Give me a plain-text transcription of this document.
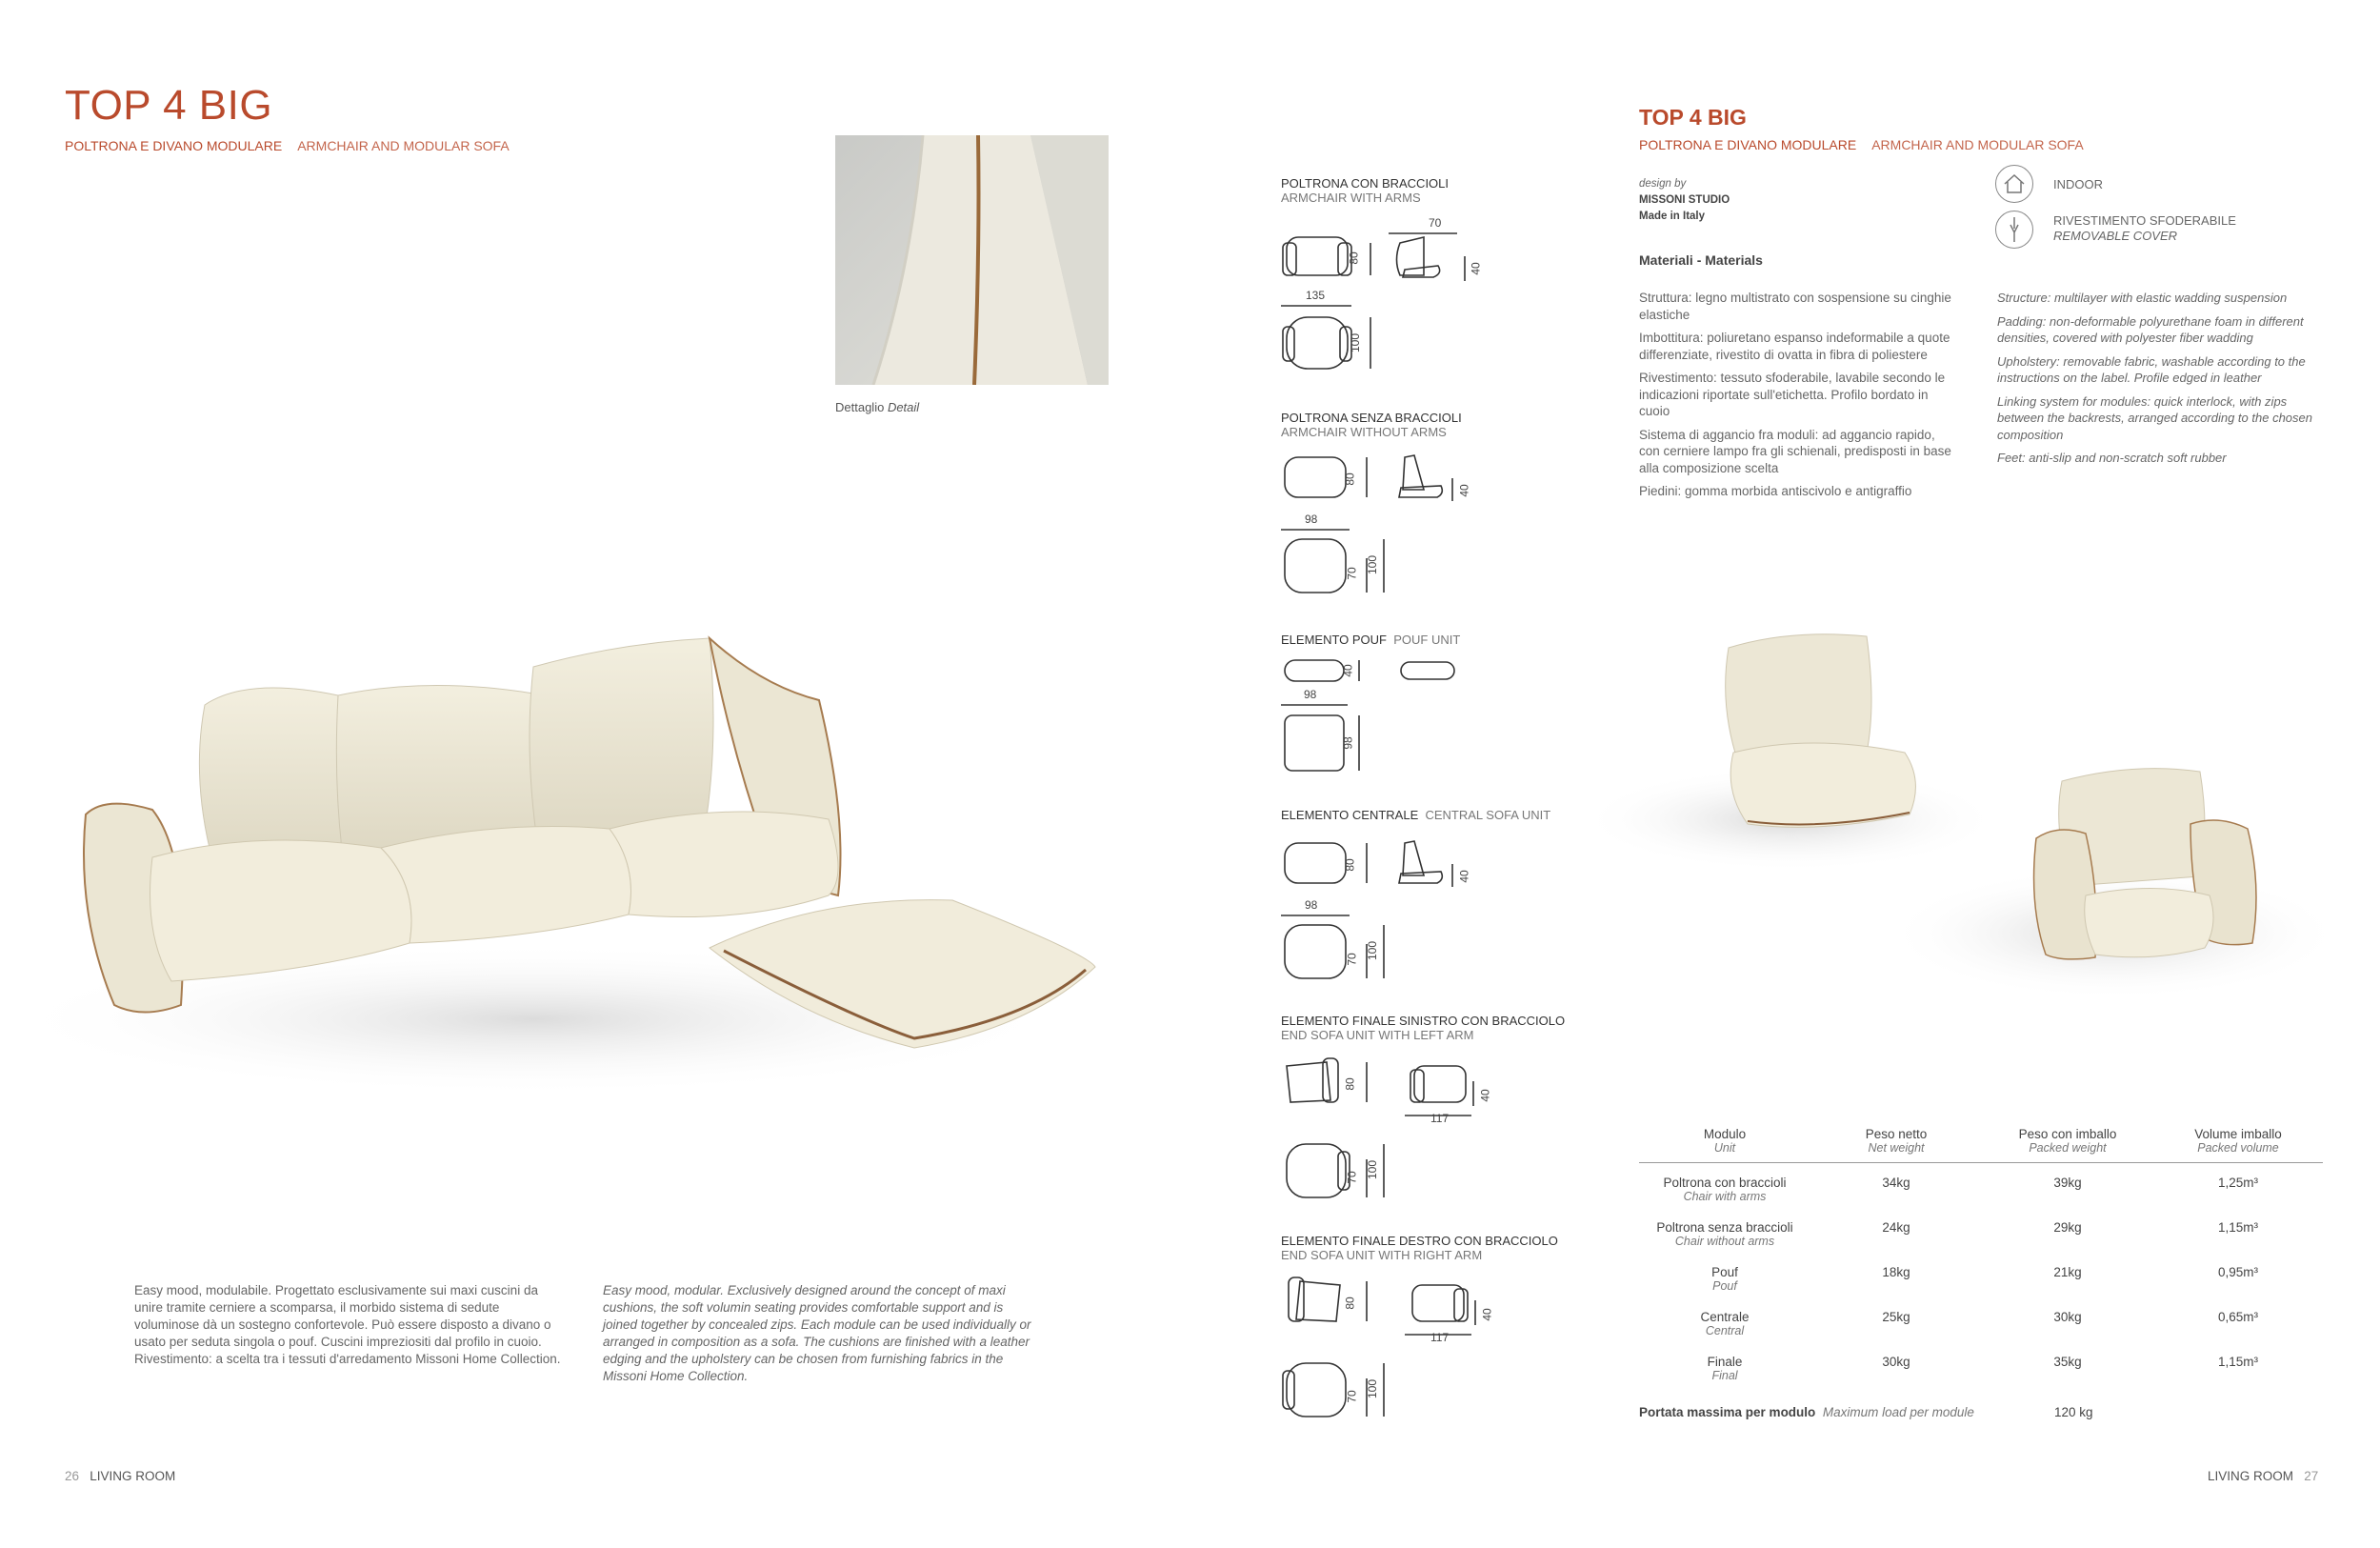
TOP 4 BIG
POLTRONA E DIVANO MODULARE ARMCHAIR AND MODULAR SOFA
Dettaglio Detail
Easy mood, modulabile. Progettato esclusivamente sui maxi cuscini da unire tramite cerniere a scomparsa, il morbido sistema di sedute voluminose dà un sostegno confortevole. Può essere disposto a divano o usato per seduta singola o pouf. Cuscini impreziositi dal profilo in cuoio. Rivestimento: a scelta tra i tessuti d'arredamento Missoni Home Collection.
Easy mood, modular. Exclusively designed around the concept of maxi cushions, the soft volumin seating provides comfortable support and is joined together by concealed zips. Each module can be used individually or arranged in composition as a sofa. The cushions are finished with a leather edging and the upholstery can be chosen from furnishing fabrics in the Missoni Home Collection.
26 LIVING ROOM
POLTRONA CON BRACCIOLI
ARMCHAIR WITH ARMS
70
80
40
135
100
POLTRONA SENZA BRACCIOLI
ARMCHAIR WITHOUT ARMS
80
40
98
70 100
ELEMENTO POUF POUF UNIT
40
98
98
ELEMENTO CENTRALE CENTRAL SOFA UNIT
80
40
98
70 100
ELEMENTO FINALE SINISTRO CON BRACCIOLO
END SOFA UNIT WITH LEFT ARM
80
40
117
70 100
ELEMENTO FINALE DESTRO CON BRACCIOLO
END SOFA UNIT WITH RIGHT ARM
80
40
117
70 100
TOP 4 BIG
POLTRONA E DIVANO MODULARE ARMCHAIR AND MODULAR SOFA
design by
MISSONI STUDIO
Made in Italy
INDOOR
RIVESTIMENTO SFODERABILE
REMOVABLE COVER
Materiali - Materials

Struttura: legno multistrato con sospensione su cinghie elastiche

Imbottitura: poliuretano espanso indeformabile a quote differenziate, rivestito di ovatta in fibra di poliestere

Rivestimento: tessuto sfoderabile, lavabile secondo le indicazioni riportate sull'etichetta. Profilo bordato in cuoio

Sistema di aggancio fra moduli: ad aggancio rapido, con cerniere lampo fra gli schienali, predisposti in base alla composizione scelta

Piedini: gomma morbida antiscivolo e antigraffio

Structure: multilayer with elastic wadding suspension

Padding: non-deformable polyurethane foam in different densities, covered with polyester fiber wadding

Upholstery: removable fabric, washable according to the instructions on the label. Profile edged in leather

Linking system for modules: quick interlock, with zips between the backrests, arranged according to the chosen composition

Feet: anti-slip and non-scratch soft rubber

Modulo
Unit	Peso netto
Net weight	Peso con imballo
Packed weight	Volume imballo
Packed volume

Poltrona con braccioli
Chair with arms	34kg	39kg	1,25m³
Poltrona senza braccioli
Chair without arms	24kg	29kg	1,15m³
Pouf
Pouf	18kg	21kg	0,95m³
Centrale
Central	25kg	30kg	0,65m³
Finale
Final	30kg	35kg	1,15m³
Portata massima per modulo Maximum load per module	120 kg
LIVING ROOM 27
